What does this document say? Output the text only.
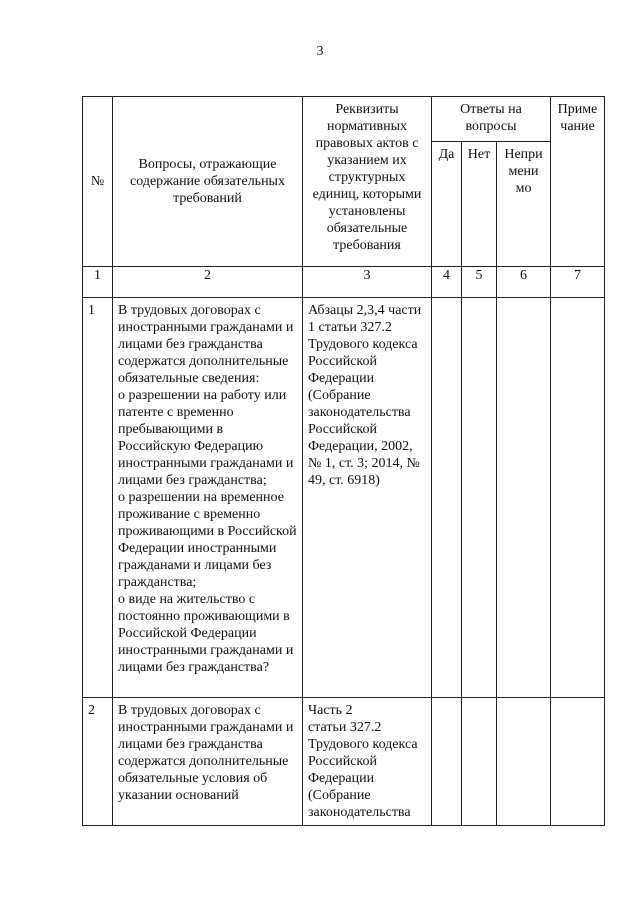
3
№	Вопросы, отражающие содержание обязательных требований	Реквизиты нормативных правовых актов с указанием их структурных единиц, которыми установлены обязательные требования	Ответы на вопросы			Приме чание
			Да	Нет	Непри мени мо	
1	2	3	4	5	6	7
1	В трудовых договорах с иностранными гражданами и лицами без гражданства содержатся дополнительные обязательные сведения:
о разрешении на работу или патенте с временно пребывающими в Российскую Федерацию иностранными гражданами и лицами без гражданства;
о разрешении на временное проживание с временно проживающими в Российской Федерации иностранными гражданами и лицами без гражданства;
о виде на жительство с постоянно проживающими в Российской Федерации иностранными гражданами и лицами без гражданства?	Абзацы 2,3,4 части 1 статьи 327.2 Трудового кодекса Российской Федерации (Собрание законодательства Российской Федерации, 2002, № 1, ст. 3; 2014, № 49, ст. 6918)				

2	В трудовых договорах с иностранными гражданами и лицами без гражданства содержатся дополнительные обязательные условия об указании оснований	Часть 2
статьи 327.2 Трудового кодекса Российской Федерации (Собрание законодательства				
